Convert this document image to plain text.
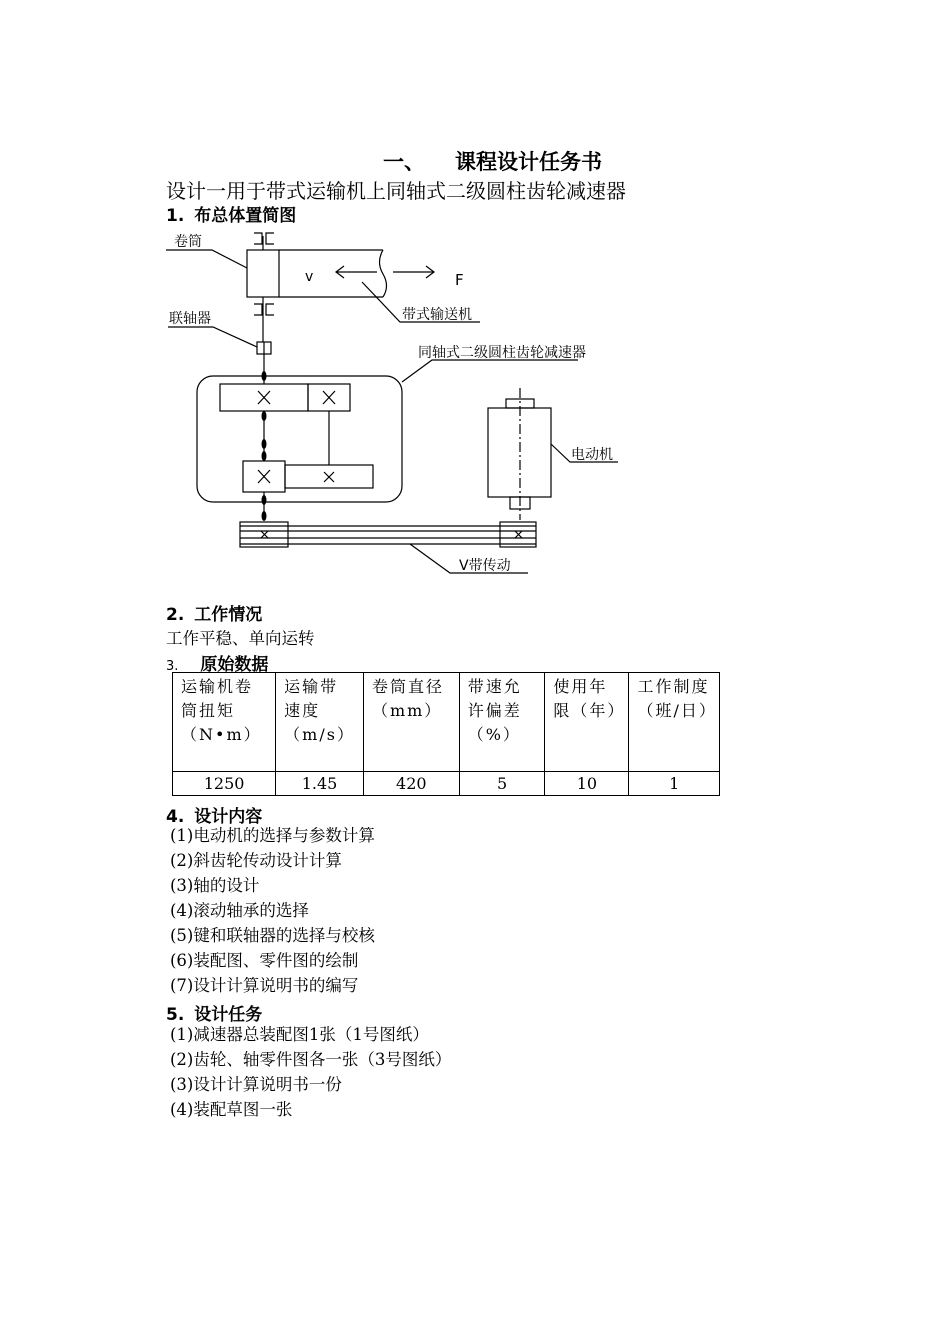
一、 课程设计任务书
设计一用于带式运输机上同轴式二级圆柱齿轮减速器
1. 布总体置简图
卷筒
v	F
带式输送机
联轴器
同轴式二级圆柱齿轮减速器
电动机
V带传动
2. 工作情况
工作平稳、单向运转
3. 原始数据
运输机卷筒扭矩（N•m）	运输带速度（m/s）	卷筒直径（mm）	带速允许偏差（%）	使用年限（年）	工作制度（班/日）
1250	1.45	420	5	10	1
4. 设计内容
(1)电动机的选择与参数计算
(2)斜齿轮传动设计计算
(3)轴的设计
(4)滚动轴承的选择
(5)键和联轴器的选择与校核
(6)装配图、零件图的绘制
(7)设计计算说明书的编写
5. 设计任务
(1)减速器总装配图1张（1号图纸）
(2)齿轮、轴零件图各一张（3号图纸）
(3)设计计算说明书一份
(4)装配草图一张
